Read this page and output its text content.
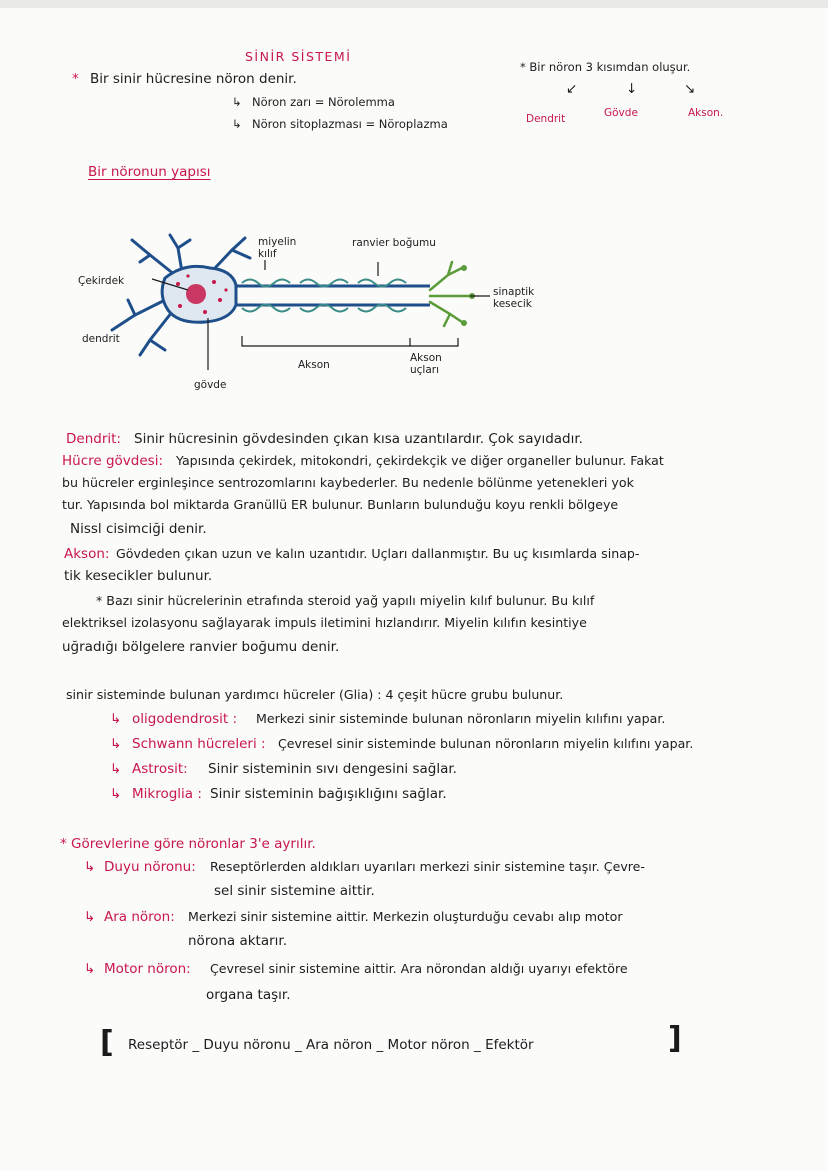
SİNİR SİSTEMİ
* Bir sinir hücresine nöron denir.
↳ Nöron zarı = Nörolemma
↳ Nöron sitoplazması = Nöroplazma
* Bir nöron 3 kısımdan oluşur.
↙	↓	↘
Dendrit	Gövde	Akson.
Bir nöronun yapısı
Çekirdek
dendrit
gövde
miyelin kılıf
ranvier boğumu
sinaptik kesecik
Akson
Akson uçları
Dendrit: Sinir hücresinin gövdesinden çıkan kısa uzantılardır. Çok sayıdadır.
Hücre gövdesi: Yapısında çekirdek, mitokondri, çekirdekçik ve diğer organeller bulunur. Fakat
bu hücreler erginleşince sentrozomlarını kaybederler. Bu nedenle bölünme yetenekleri yok
tur. Yapısında bol miktarda Granüllü ER bulunur. Bunların bulunduğu koyu renkli bölgeye
Nissl cisimciği denir.
Akson: Gövdeden çıkan uzun ve kalın uzantıdır. Uçları dallanmıştır. Bu uç kısımlarda sinap-
tik kesecikler bulunur.
* Bazı sinir hücrelerinin etrafında steroid yağ yapılı miyelin kılıf bulunur. Bu kılıf
elektriksel izolasyonu sağlayarak impuls iletimini hızlandırır. Miyelin kılıfın kesintiye
uğradığı bölgelere ranvier boğumu denir.
sinir sisteminde bulunan yardımcı hücreler (Glia) : 4 çeşit hücre grubu bulunur.
↳ oligodendrosit : Merkezi sinir sisteminde bulunan nöronların miyelin kılıfını yapar.
↳ Schwann hücreleri : Çevresel sinir sisteminde bulunan nöronların miyelin kılıfını yapar.
↳ Astrosit: Sinir sisteminin sıvı dengesini sağlar.
↳ Mikroglia : Sinir sisteminin bağışıklığını sağlar.
* Görevlerine göre nöronlar 3'e ayrılır.
↳ Duyu nöronu: Reseptörlerden aldıkları uyarıları merkezi sinir sistemine taşır. Çevre-
sel sinir sistemine aittir.
↳ Ara nöron: Merkezi sinir sistemine aittir. Merkezin oluşturduğu cevabı alıp motor
nörona aktarır.
↳ Motor nöron: Çevresel sinir sistemine aittir. Ara nörondan aldığı uyarıyı efektöre
organa taşır.
[ Reseptör _ Duyu nöronu _ Ara nöron _ Motor nöron _ Efektör	]
